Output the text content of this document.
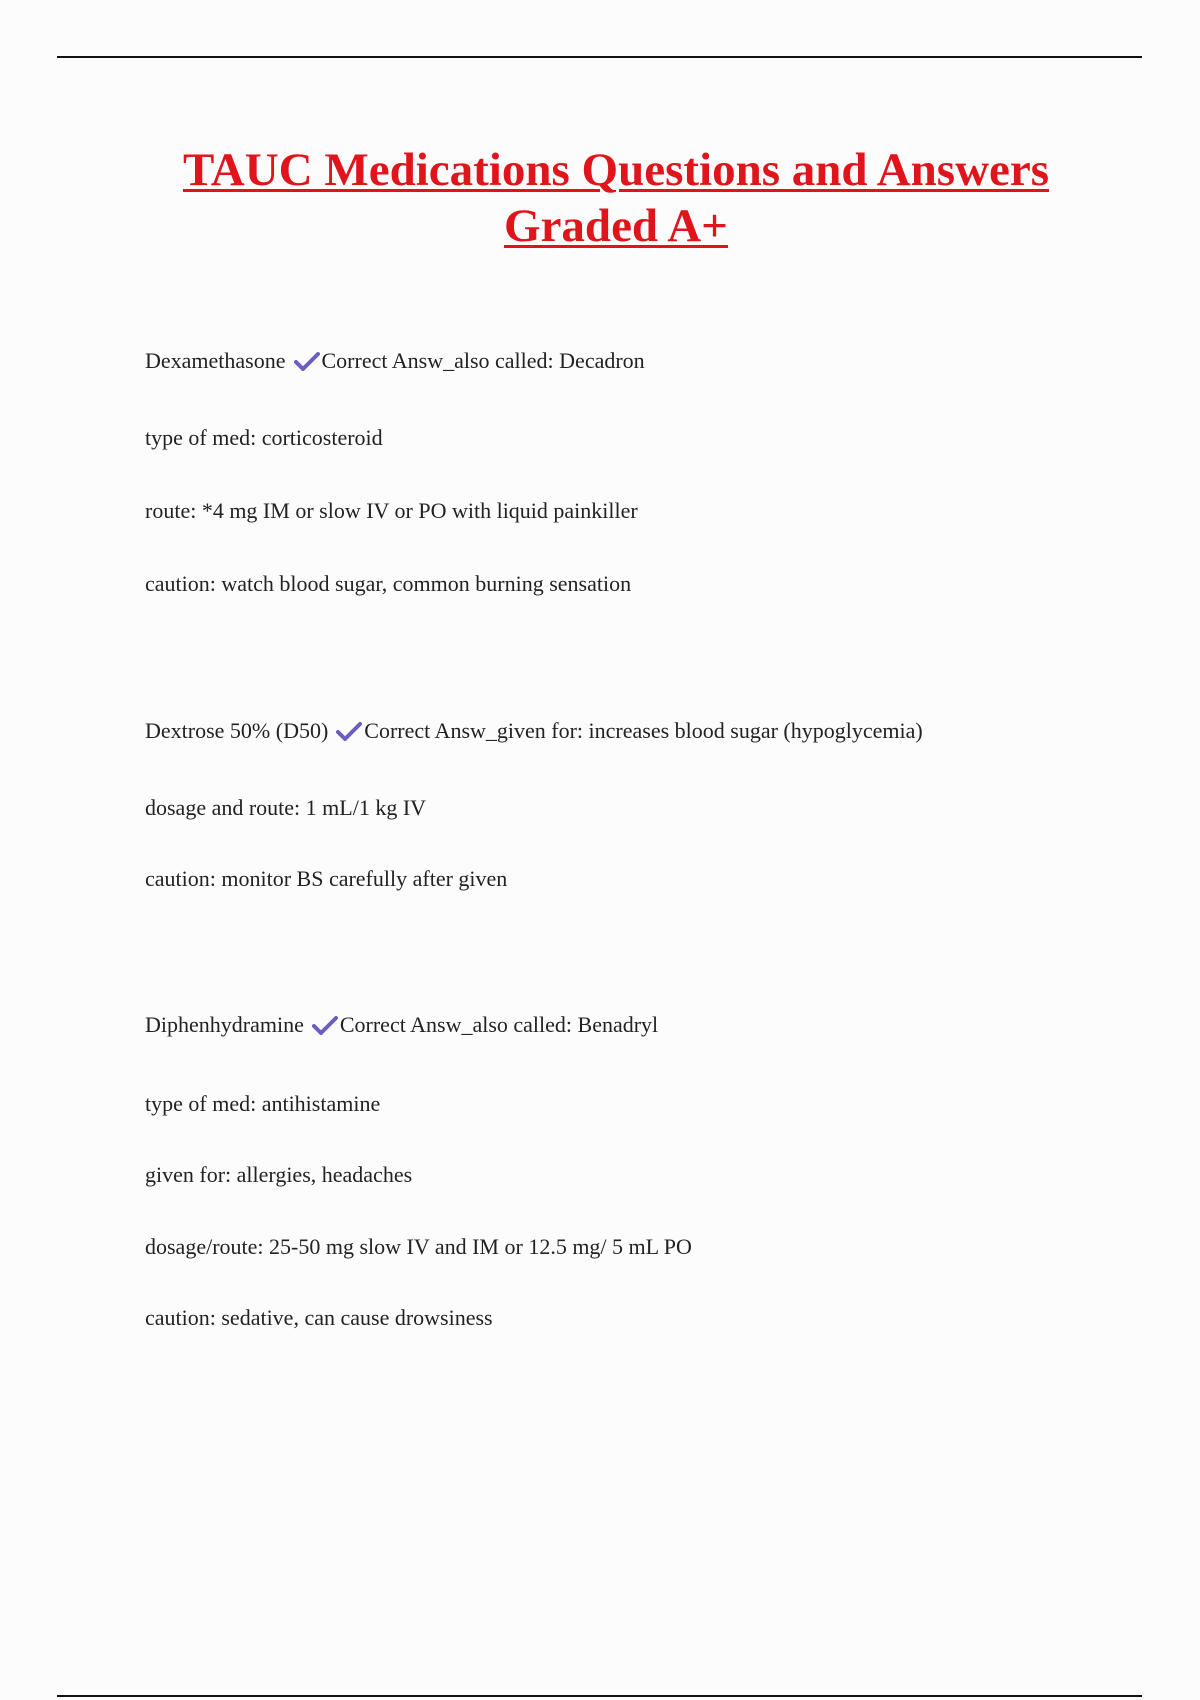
TAUC Medications Questions and Answers
Graded A+

Dexamethasone Correct Answ_also called: Decadron

type of med: corticosteroid

route: *4 mg IM or slow IV or PO with liquid painkiller

caution: watch blood sugar, common burning sensation

Dextrose 50% (D50) Correct Answ_given for: increases blood sugar (hypoglycemia)

dosage and route: 1 mL/1 kg IV

caution: monitor BS carefully after given

Diphenhydramine Correct Answ_also called: Benadryl

type of med: antihistamine

given for: allergies, headaches

dosage/route: 25-50 mg slow IV and IM or 12.5 mg/ 5 mL PO

caution: sedative, can cause drowsiness
